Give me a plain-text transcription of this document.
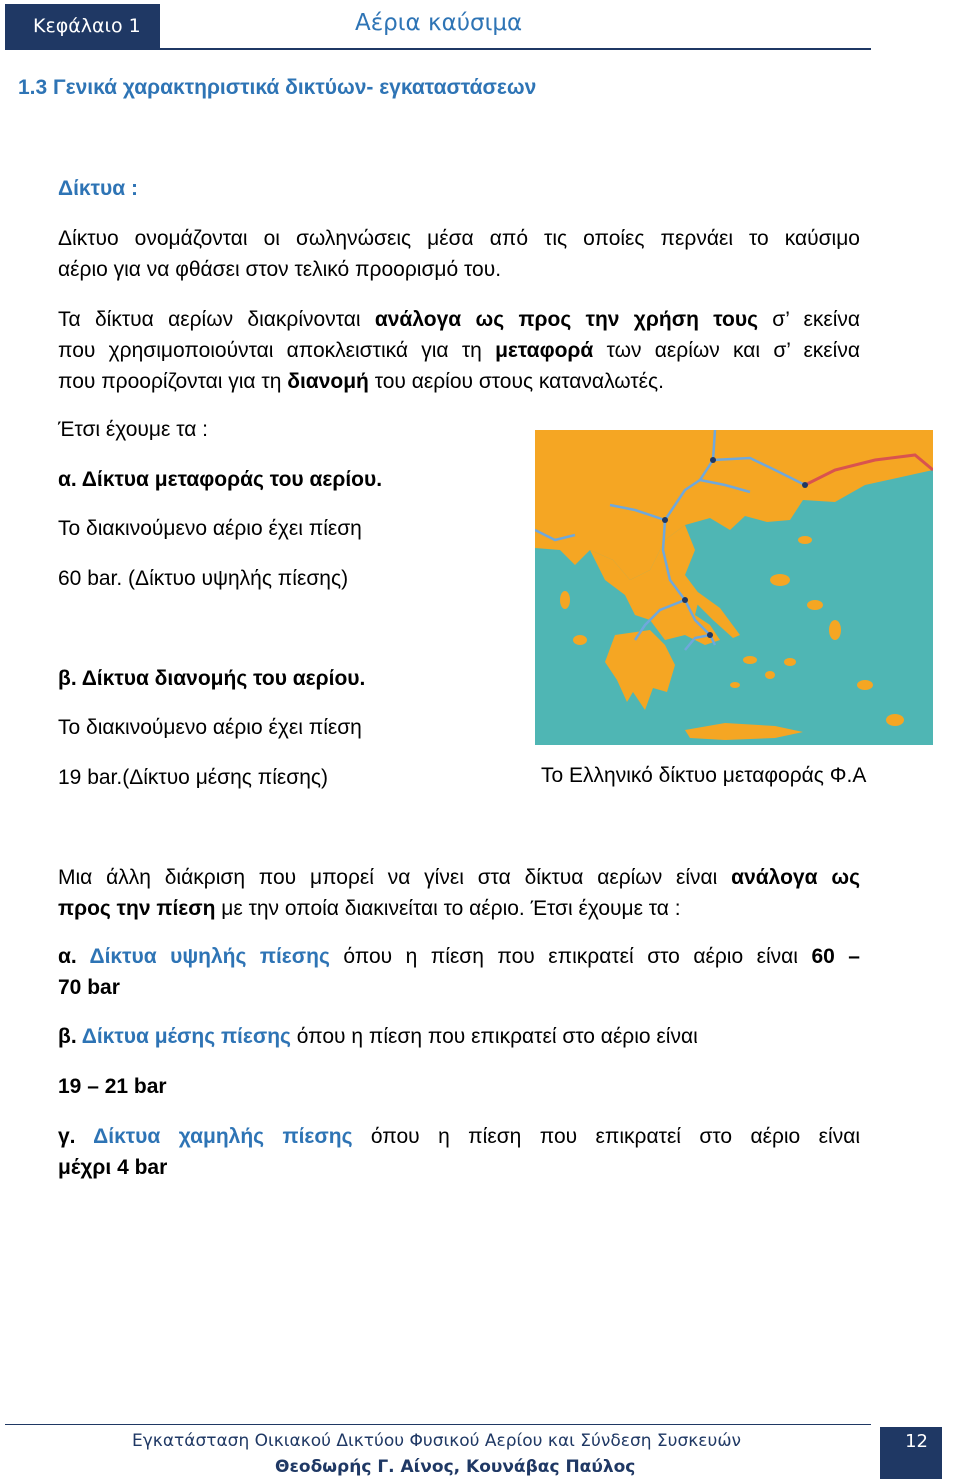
Κεφάλαιο 1	Αέρια καύσιμα
1.3 Γενικά χαρακτηριστικά δικτύων- εγκαταστάσεων
Δίκτυα :
Δίκτυο ονομάζονται οι σωληνώσεις μέσα από τις οποίες περνάει το καύσιμο
αέριο για να φθάσει στον τελικό προορισμό του.
Τα δίκτυα αερίων διακρίνονται ανάλογα ως προς την χρήση τους σ’ εκείνα
που χρησιμοποιούνται αποκλειστικά για τη μεταφορά των αερίων και σ’ εκείνα
που προορίζονται για τη διανομή του αερίου στους καταναλωτές.
Έτσι έχουμε τα :
α. Δίκτυα μεταφοράς του αερίου.
Το διακινούμενο αέριο έχει πίεση
60 bar. (Δίκτυο υψηλής πίεσης)
β. Δίκτυα διανομής του αερίου.
Το διακινούμενο αέριο έχει πίεση
19 bar.(Δίκτυο μέσης πίεσης)	Το Ελληνικό δίκτυο μεταφοράς Φ.Α
Μια άλλη διάκριση που μπορεί να γίνει στα δίκτυα αερίων είναι ανάλογα ως
προς την πίεση με την οποία διακινείται το αέριο. Έτσι έχουμε τα :
α. Δίκτυα υψηλής πίεσης όπου η πίεση που επικρατεί στο αέριο είναι 60 –
70 bar
β. Δίκτυα μέσης πίεσης όπου η πίεση που επικρατεί στο αέριο είναι
19 – 21 bar
γ. Δίκτυα χαμηλής πίεσης όπου η πίεση που επικρατεί στο αέριο είναι
μέχρι 4 bar
Εγκατάσταση Οικιακού Δικτύου Φυσικού Αερίου και Σύνδεση Συσκευών
Θεοδωρής Γ. Αίνος, Κουνάβας Παύλος
12
